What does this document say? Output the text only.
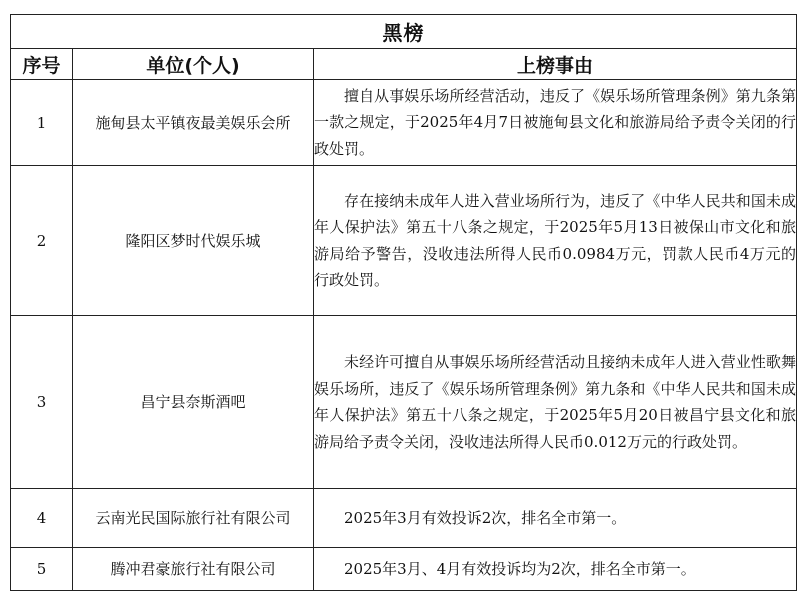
黑榜		
序号	单位(个人)	上榜事由
1	施甸县太平镇夜最美娱乐会所	擅自从事娱乐场所经营活动，违反了《娱乐场所管理条例》第九条第一款之规定，于2025年4月7日被施甸县文化和旅游局给予责令关闭的行政处罚。
2	隆阳区梦时代娱乐城	存在接纳未成年人进入营业场所行为，违反了《中华人民共和国未成年人保护法》第五十八条之规定，于2025年5月13日被保山市文化和旅游局给予警告，没收违法所得人民币0.0984万元，罚款人民币4万元的行政处罚。
3	昌宁县奈斯酒吧	未经许可擅自从事娱乐场所经营活动且接纳未成年人进入营业性歌舞娱乐场所，违反了《娱乐场所管理条例》第九条和《中华人民共和国未成年人保护法》第五十八条之规定，于2025年5月20日被昌宁县文化和旅游局给予责令关闭，没收违法所得人民币0.012万元的行政处罚。
4	云南光民国际旅行社有限公司	2025年3月有效投诉2次，排名全市第一。
5	腾冲君豪旅行社有限公司	2025年3月、4月有效投诉均为2次，排名全市第一。
